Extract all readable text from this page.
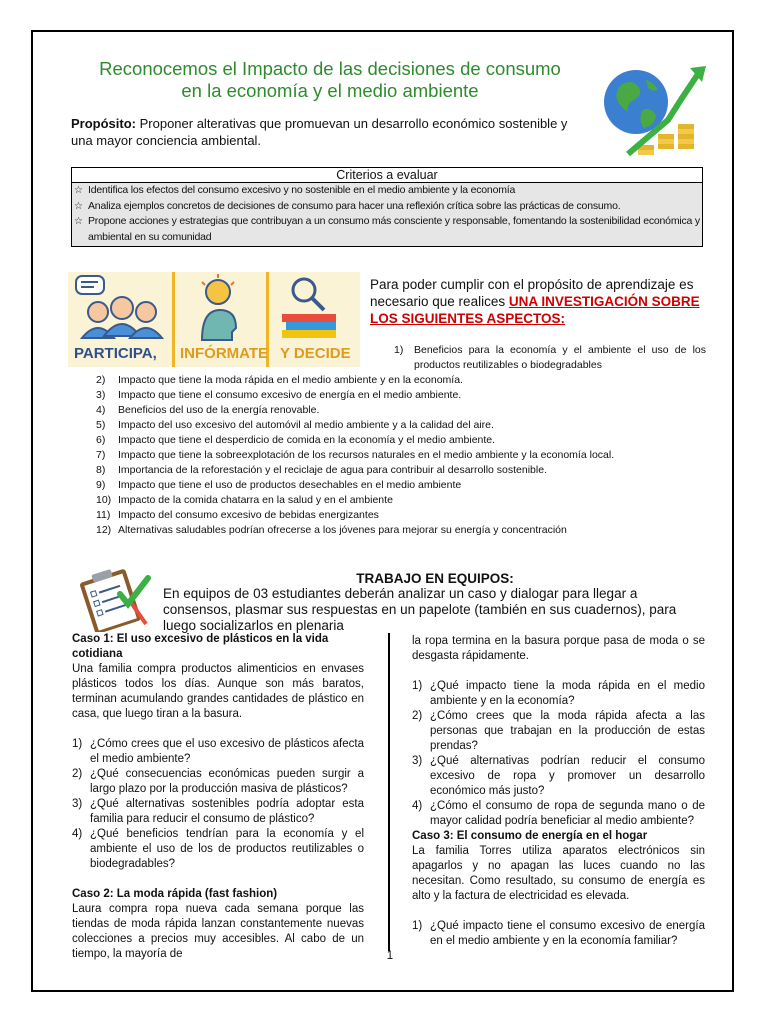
Reconocemos el Impacto de las decisiones de consumo
en la economía y el medio ambiente
Propósito: Proponer alterativas que promuevan un desarrollo económico sostenible y una mayor conciencia ambiental.
Criterios a evaluar
☆ Identifica los efectos del consumo excesivo y no sostenible en el medio ambiente y la economía
☆ Analiza ejemplos concretos de decisiones de consumo para hacer una reflexión crítica sobre las prácticas de consumo.
☆ Propone acciones y estrategias que contribuyan a un consumo más consciente y responsable, fomentando la sostenibilidad económica y ambiental en su comunidad
PARTICIPA, INFÓRMATE Y DECIDE
Para poder cumplir con el propósito de aprendizaje es necesario que realices UNA INVESTIGACIÓN SOBRE LOS SIGUIENTES ASPECTOS:
1) Beneficios para la economía y el ambiente el uso de los productos reutilizables o biodegradables
2) Impacto que tiene la moda rápida en el medio ambiente y en la economía.
3) Impacto que tiene el consumo excesivo de energía en el medio ambiente.
4) Beneficios del uso de la energía renovable.
5) Impacto del uso excesivo del automóvil al medio ambiente y a la calidad del aire.
6) Impacto que tiene el desperdicio de comida en la economía y el medio ambiente.
7) Impacto que tiene la sobreexplotación de los recursos naturales en el medio ambiente y la economía local.
8) Importancia de la reforestación y el reciclaje de agua para contribuir al desarrollo sostenible.
9) Impacto que tiene el uso de productos desechables en el medio ambiente
10) Impacto de la comida chatarra en la salud y en el ambiente
11) Impacto del consumo excesivo de bebidas energizantes
12) Alternativas saludables podrían ofrecerse a los jóvenes para mejorar su energía y concentración
TRABAJO EN EQUIPOS:
En equipos de 03 estudiantes deberán analizar un caso y dialogar para llegar a consensos, plasmar sus respuestas en un papelote (también en sus cuadernos), para luego socializarlos en plenaria
Caso 1: El uso excesivo de plásticos en la vida cotidiana
Una familia compra productos alimenticios en envases plásticos todos los días. Aunque son más baratos, terminan acumulando grandes cantidades de plástico en casa, que luego tiran a la basura.
1) ¿Cómo crees que el uso excesivo de plásticos afecta el medio ambiente?
2) ¿Qué consecuencias económicas pueden surgir a largo plazo por la producción masiva de plásticos?
3) ¿Qué alternativas sostenibles podría adoptar esta familia para reducir el consumo de plástico?
4) ¿Qué beneficios tendrían para la economía y el ambiente el uso de los de productos reutilizables o biodegradables?
Caso 2: La moda rápida (fast fashion)
Laura compra ropa nueva cada semana porque las tiendas de moda rápida lanzan constantemente nuevas colecciones a precios muy accesibles. Al cabo de un tiempo, la mayoría de
la ropa termina en la basura porque pasa de moda o se desgasta rápidamente.
1) ¿Qué impacto tiene la moda rápida en el medio ambiente y en la economía?
2) ¿Cómo crees que la moda rápida afecta a las personas que trabajan en la producción de estas prendas?
3) ¿Qué alternativas podrían reducir el consumo excesivo de ropa y promover un desarrollo económico más justo?
4) ¿Cómo el consumo de ropa de segunda mano o de mayor calidad podría beneficiar al medio ambiente?
Caso 3: El consumo de energía en el hogar
La familia Torres utiliza aparatos electrónicos sin apagarlos y no apagan las luces cuando no las necesitan. Como resultado, su consumo de energía es alto y la factura de electricidad es elevada.
1) ¿Qué impacto tiene el consumo excesivo de energía en el medio ambiente y en la economía familiar?
1
